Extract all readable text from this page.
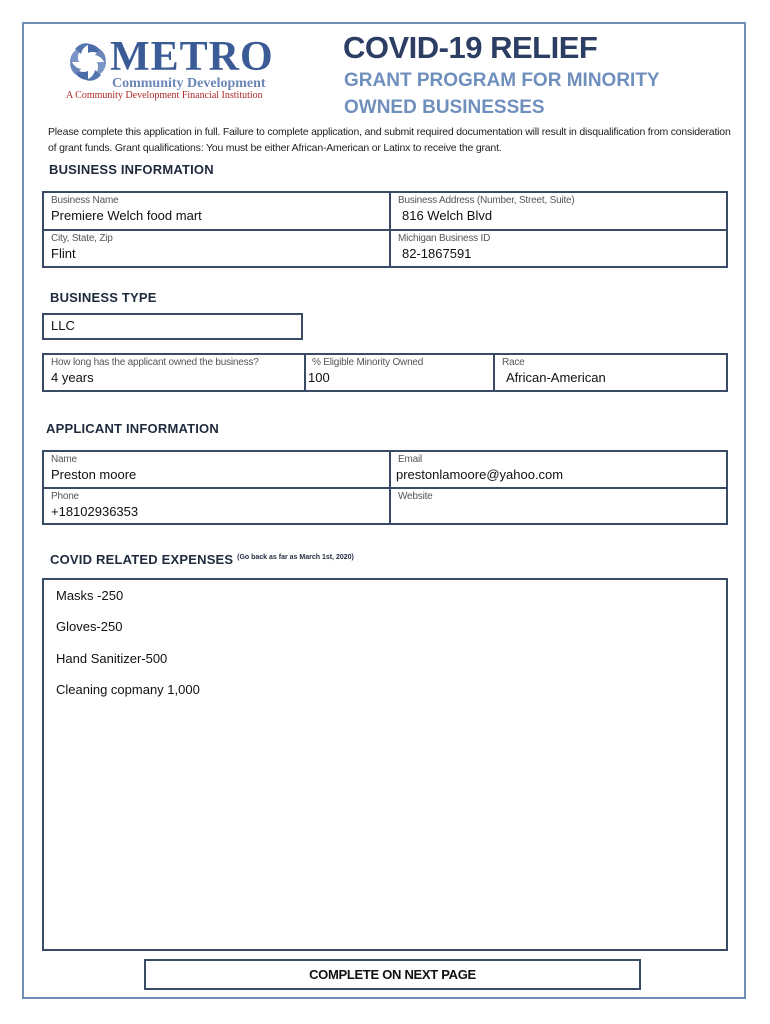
METRO
Community Development
A Community Development Financial Institution
COVID-19 RELIEF
GRANT PROGRAM FOR MINORITY OWNED BUSINESSES
Please complete this application in full. Failure to complete application, and submit required documentation will result in disqualification from consideration of grant funds. Grant qualifications: You must be either African-American or Latinx to receive the grant.
BUSINESS INFORMATION
Business Name
Premiere Welch food mart
Business Address (Number, Street, Suite)
816 Welch Blvd
City, State, Zip
Flint
Michigan Business ID
82-1867591
BUSINESS TYPE
LLC
How long has the applicant owned the business?
4 years
% Eligible Minority Owned
100
Race
African-American
APPLICANT INFORMATION
Name
Preston moore
Email
prestonlamoore@yahoo.com
Phone
+18102936353
Website
COVID RELATED EXPENSES $^{(Go back as far as March 1st, 2020)}$
Masks -250
Gloves-250
Hand Sanitizer-500
Cleaning copmany 1,000
COMPLETE ON NEXT PAGE
